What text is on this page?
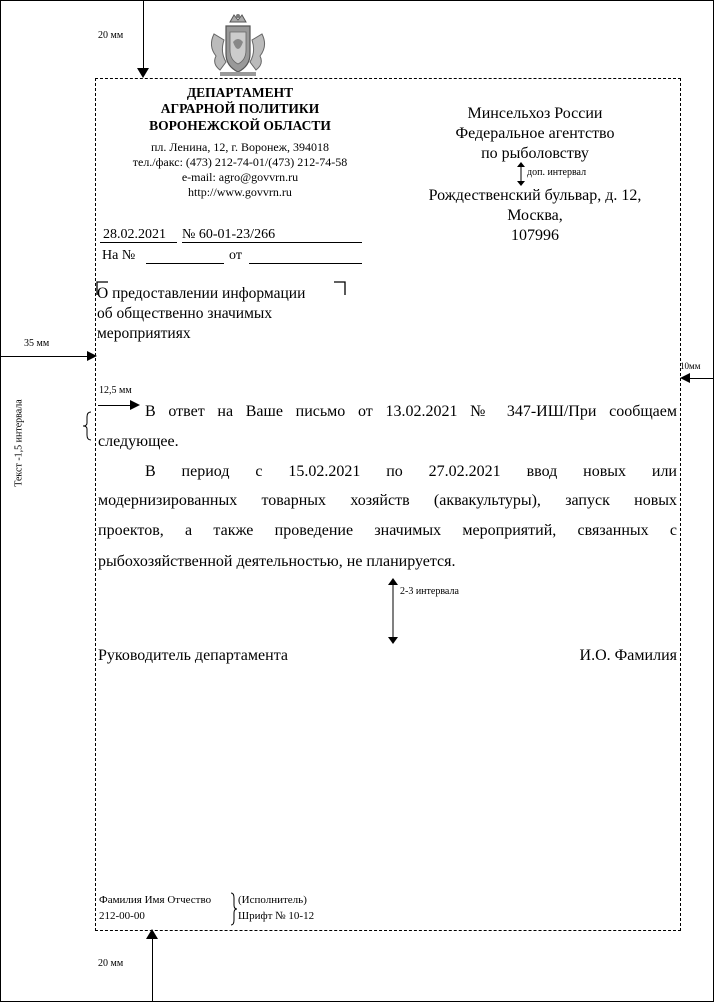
20 мм
ДЕПАРТАМЕНТ
АГРАРНОЙ ПОЛИТИКИ
ВОРОНЕЖСКОЙ ОБЛАСТИ
пл. Ленина, 12, г. Воронеж, 394018
тел./факс: (473) 212-74-01/(473) 212-74-58
e-mail: agro@govvrn.ru
http://www.govvrn.ru
Минсельхоз России
Федеральное агентство
по рыболовству
доп. интервал
Рождественский бульвар, д. 12,
Москва,
107996
28.02.2021 № 60-01-23/266
На №	от
О предоставлении информации
об общественно значимых
мероприятиях
35 мм
10мм
Текст -1,5 интервала
12,5 мм
В ответ на Ваше письмо от 13.02.2021 № 347-ИШ/При сообщаем
следующее.
В период с 15.02.2021 по 27.02.2021 ввод новых или
модернизированных товарных хозяйств (аквакультуры), запуск новых
проектов, а также проведение значимых мероприятий, связанных с
рыбохозяйственной деятельностью, не планируется.
2-3 интервала
Руководитель департамента	И.О. Фамилия
Фамилия Имя Отчество
212-00-00
(Исполнитель)
Шрифт № 10-12
20 мм
